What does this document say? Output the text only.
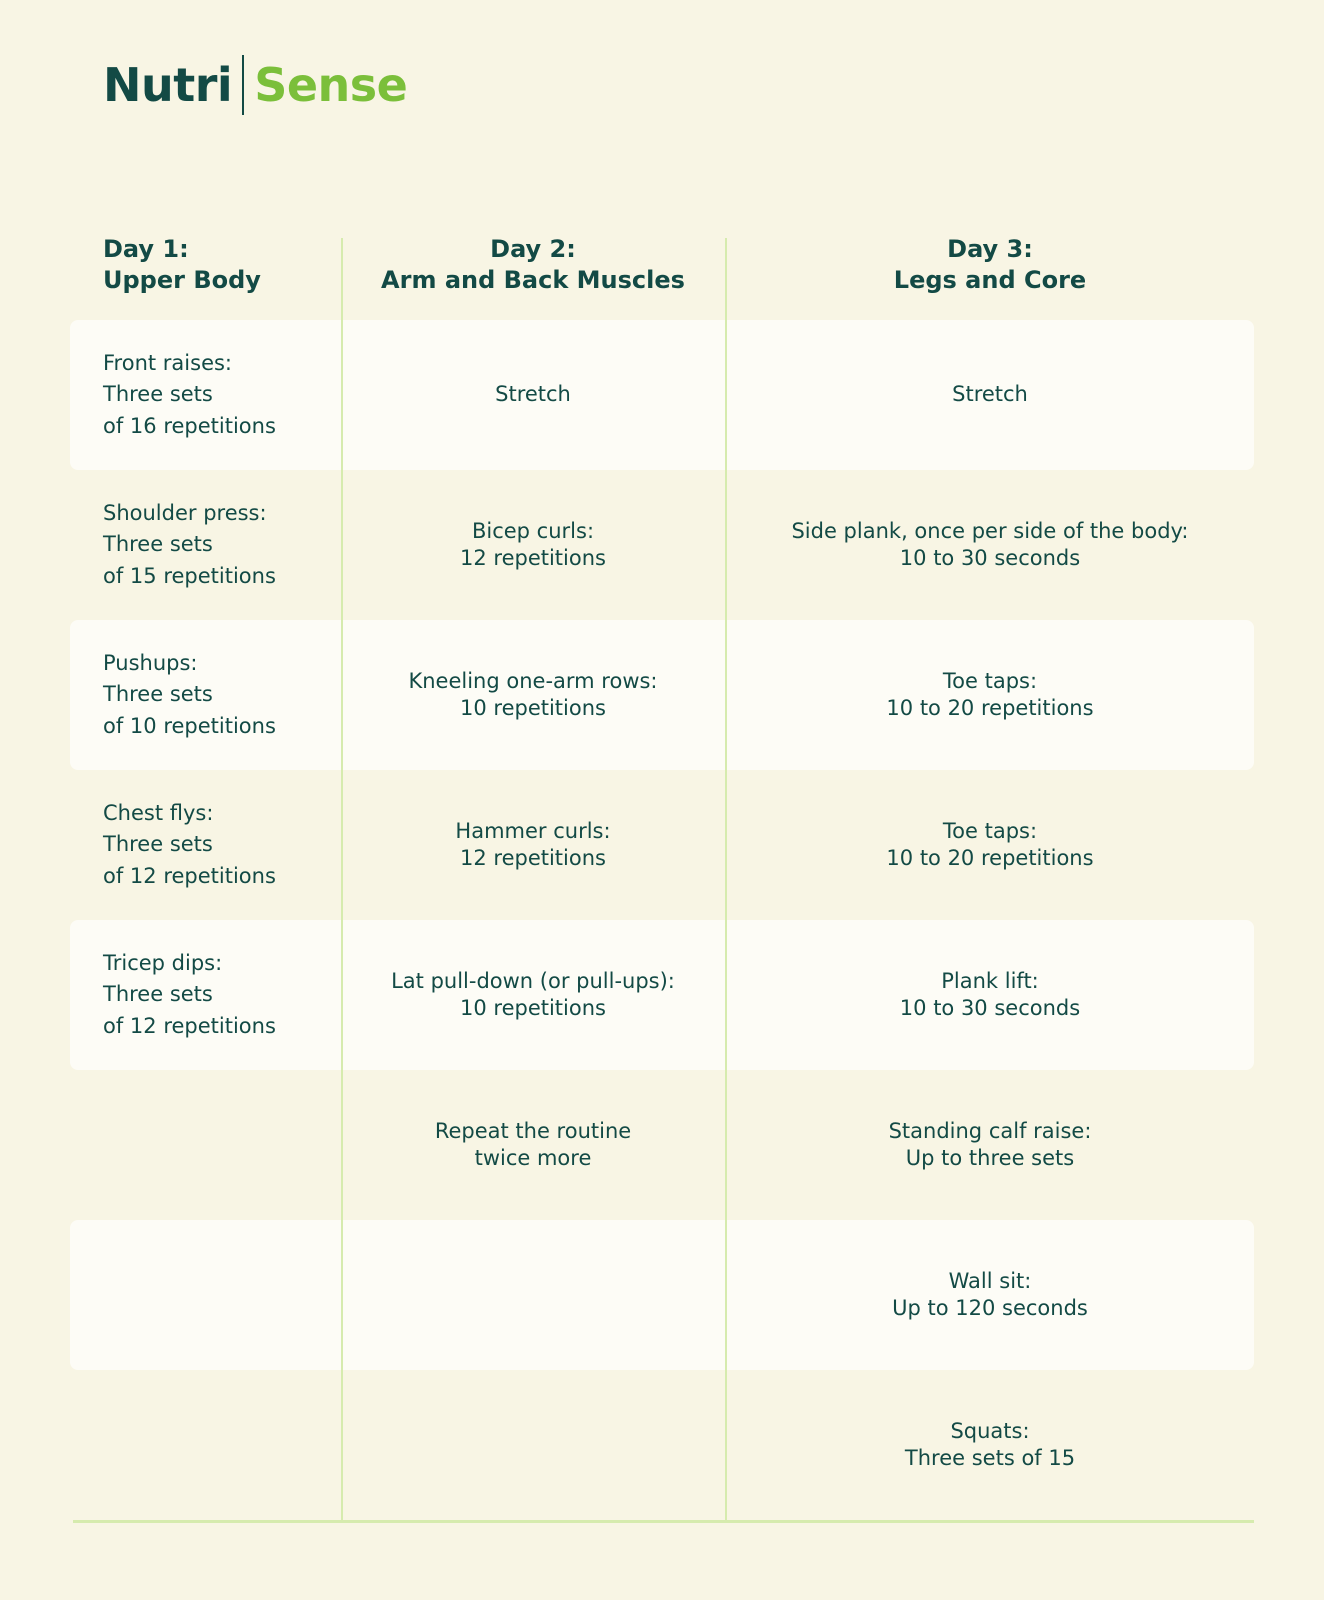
Nutri Sense
Day 1:
Upper Body
Day 2:
Arm and Back Muscles
Day 3:
Legs and Core
Front raises:
Three sets
of 16 repetitions
Stretch	Stretch
Shoulder press:
Three sets
of 15 repetitions
Bicep curls:
12 repetitions
Side plank, once per side of the body:
10 to 30 seconds
Pushups:
Three sets
of 10 repetitions
Kneeling one-arm rows:
10 repetitions
Toe taps:
10 to 20 repetitions
Chest flys:
Three sets
of 12 repetitions
Hammer curls:
12 repetitions
Toe taps:
10 to 20 repetitions
Tricep dips:
Three sets
of 12 repetitions
Lat pull-down (or pull-ups):
10 repetitions
Plank lift:
10 to 30 seconds
Repeat the routine
twice more
Standing calf raise:
Up to three sets
Wall sit:
Up to 120 seconds
Squats:
Three sets of 15
